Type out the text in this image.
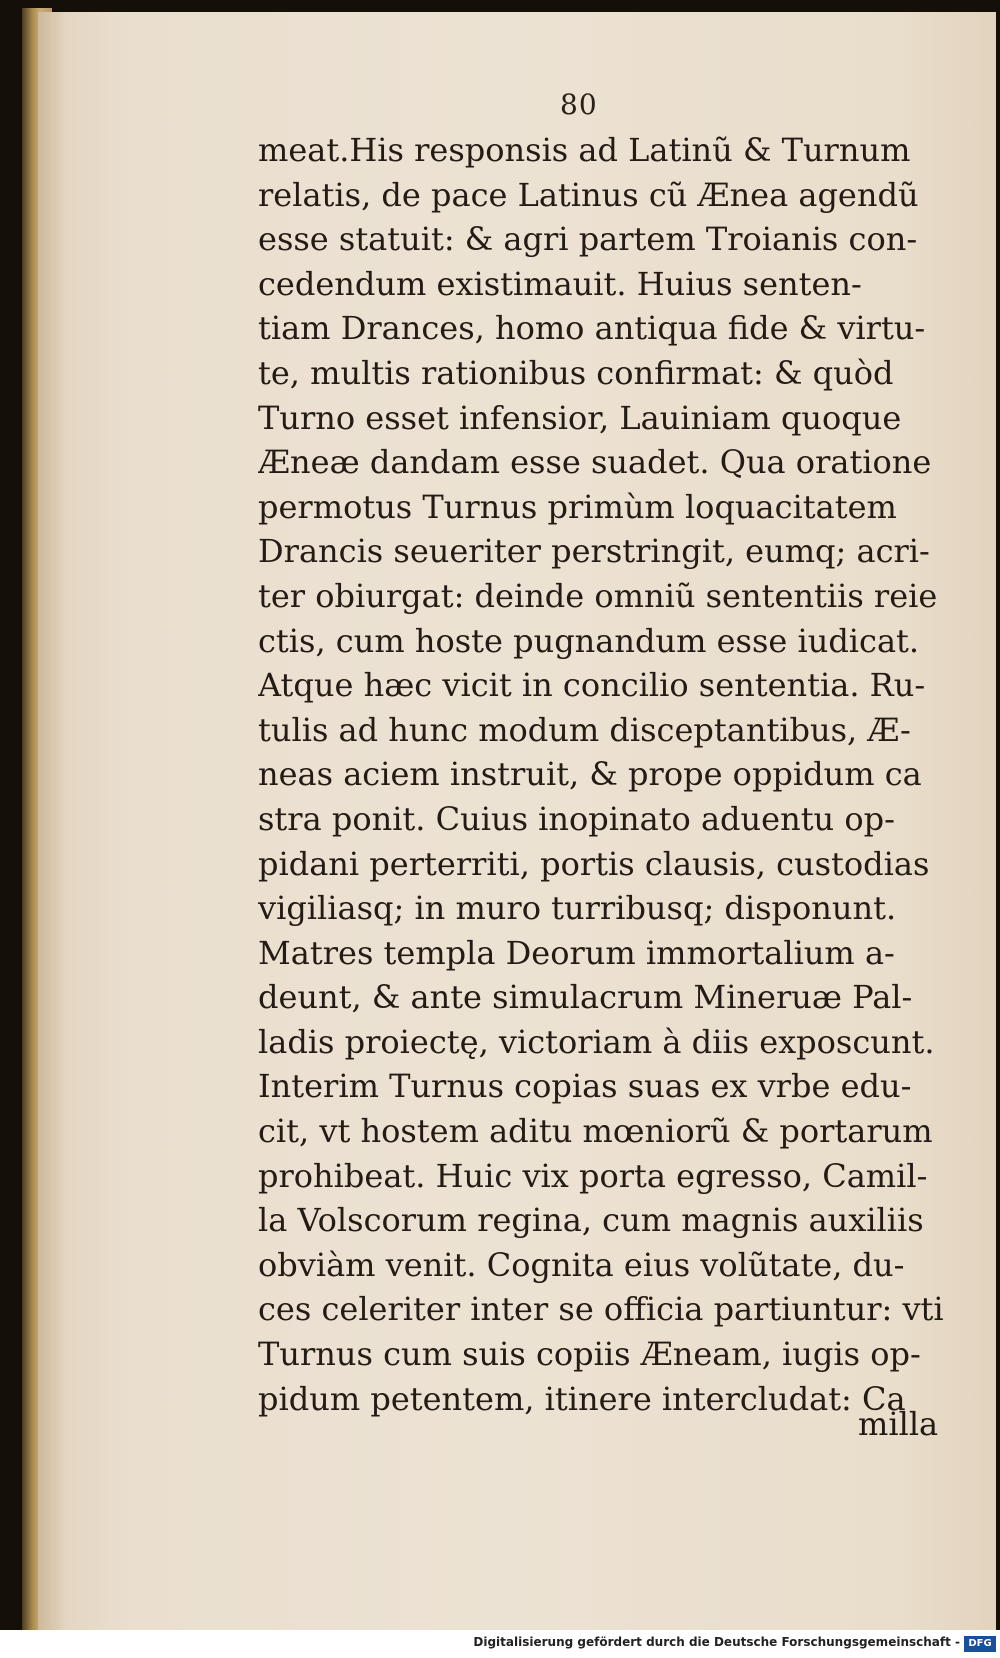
80
meat.His responsis ad Latinũ & Turnum
relatis, de pace Latinus cũ Ænea agendũ
esse statuit: & agri partem Troianis con-
cedendum existimauit. Huius senten-
tiam Drances, homo antiqua fide & virtu-
te, multis rationibus confirmat: & quòd
Turno esset infensior, Lauiniam quoque
Æneæ dandam esse suadet. Qua oratione
permotus Turnus primùm loquacitatem
Drancis seueriter perstringit, eumq; acri-
ter obiurgat: deinde omniũ sententiis reie
ctis, cum hoste pugnandum esse iudicat.
Atque hæc vicit in concilio sententia. Ru-
tulis ad hunc modum disceptantibus, Æ-
neas aciem instruit, & prope oppidum ca
stra ponit. Cuius inopinato aduentu op-
pidani perterriti, portis clausis, custodias
vigiliasq; in muro turribusq; disponunt.
Matres templa Deorum immortalium a-
deunt, & ante simulacrum Mineruæ Pal-
ladis proiectę, victoriam à diis exposcunt.
Interim Turnus copias suas ex vrbe edu-
cit, vt hostem aditu mœniorũ & portarum
prohibeat. Huic vix porta egresso, Camil-
la Volscorum regina, cum magnis auxiliis
obviàm venit. Cognita eius volũtate, du-
ces celeriter inter se officia partiuntur: vti
Turnus cum suis copiis Æneam, iugis op-
pidum petentem, itinere intercludat: Ca
milla
Digitalisierung gefördert durch die Deutsche Forschungsgemeinschaft - DFG
